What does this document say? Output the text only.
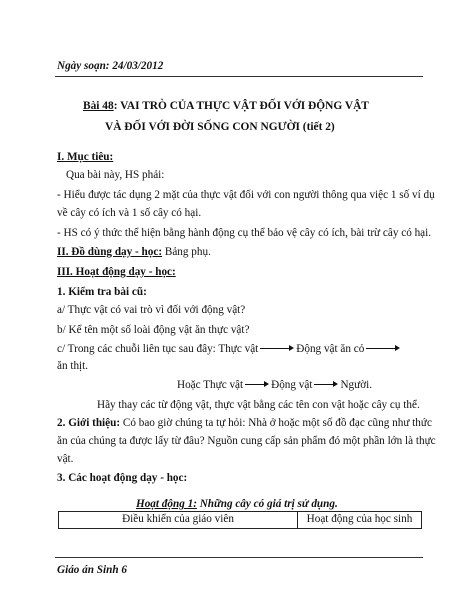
Ngày soạn: 24/03/2012
Bài 48: VAI TRÒ CỦA THỰC VẬT ĐỐI VỚI ĐỘNG VẬT
VÀ ĐỐI VỚI ĐỜI SỐNG CON NGƯỜI (tiết 2)
I. Mục tiêu:
Qua bài này, HS phải:
- Hiểu được tác dụng 2 mặt của thực vật đối với con người thông qua việc 1 số ví dụ
về cây có ích và 1 số cây có hại.
- HS có ý thức thể hiện bằng hành động cụ thể bảo vệ cây có ích, bài trừ cây có hại.
II. Đồ dùng dạy - học: Bảng phụ.
III. Hoạt động dạy - học:
1. Kiểm tra bài cũ:
a/ Thực vật có vai trò vì đối với động vật?
b/ Kể tên một số loài động vật ăn thực vật?
c/ Trong các chuỗi liên tục sau đây: Thực vật	Động vật ăn cỏ
ăn thịt.
Hoặc Thực vật	Động vật	Người.
Hãy thay các từ động vật, thực vật bằng các tên con vật hoặc cây cụ thể.
2. Giới thiệu: Có bao giờ chúng ta tự hỏi: Nhà ở hoặc một số đồ đạc cũng như thức
ăn của chúng ta được lấy từ đâu? Nguồn cung cấp sản phẩm đó một phần lớn là thực
vật.
3. Các hoạt động dạy - học:
Hoạt động 1: Những cây có giá trị sử dụng.
Điều khiển của giáo viên	Hoạt động của học sinh
Giáo án Sinh 6
